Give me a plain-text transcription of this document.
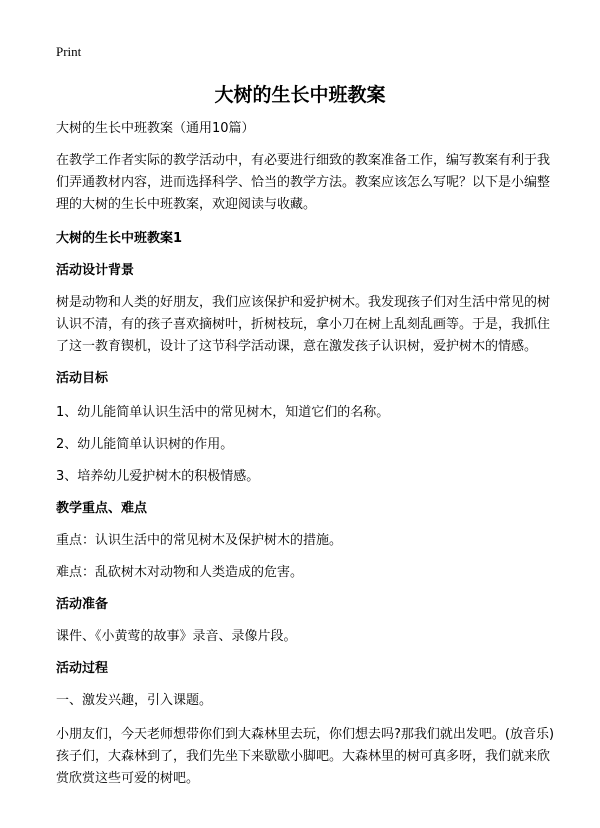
Print
大树的生长中班教案

大树的生长中班教案（通用10篇）

在教学工作者实际的教学活动中，有必要进行细致的教案准备工作，编写教案有利于我们弄通教材内容，进而选择科学、恰当的教学方法。教案应该怎么写呢？以下是小编整理的大树的生长中班教案，欢迎阅读与收藏。

大树的生长中班教案1
活动设计背景

树是动物和人类的好朋友，我们应该保护和爱护树木。我发现孩子们对生活中常见的树认识不清，有的孩子喜欢摘树叶，折树枝玩，拿小刀在树上乱刻乱画等。于是，我抓住了这一教育锲机，设计了这节科学活动课，意在激发孩子认识树，爱护树木的情感。

活动目标

1、幼儿能简单认识生活中的常见树木，知道它们的名称。

2、幼儿能简单认识树的作用。

3、培养幼儿爱护树木的积极情感。

教学重点、难点

重点：认识生活中的常见树木及保护树木的措施。

难点：乱砍树木对动物和人类造成的危害。

活动准备

课件、《小黄莺的故事》录音、录像片段。

活动过程

一、激发兴趣，引入课题。

小朋友们，今天老师想带你们到大森林里去玩，你们想去吗?那我们就出发吧。(放音乐) 孩子们，大森林到了，我们先坐下来歇歇小脚吧。大森林里的树可真多呀，我们就来欣赏欣赏这些可爱的树吧。
